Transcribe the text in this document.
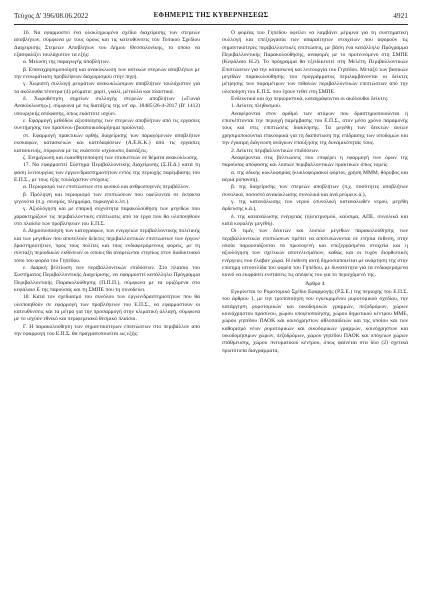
Τεύχος Δ' 396/08.06.2022	ΕΦΗΜΕΡΙΣ ΤΗΣ ΚΥΒΕΡΝΗΣΕΩΣ	4921

16. Να εφαρμοστεί ένα ολοκληρωμένο σχέδιο διαχείρισης των στερεών αποβλήτων, σύμφωνα με τους όρους και τις κατευθύνσεις του Τοπικού Σχεδίου Διαχείρισης Στερεών Αποβλήτων του Δήμου Θεσσαλονίκης, το οποίο να εξασφαλίζει τουλάχιστον τα εξής:

α. Μείωση της παραγωγής αποβλήτων.

β. Επαναχρησιμοποίηση και ανακύκλωση των αστικών στερεών αποβλήτων με την ενσωμάτωση προβλέψεων διαχωρισμού στην πηγή.

γ. Χωριστή συλλογή ρευμάτων ανακυκλώσιμων αποβλήτων τουλάχιστον για τα ακόλουθα τέσσερα (4) ρεύματα: χαρτί, γυαλί, μέταλλα και πλαστικά.

δ. Χωροθέτηση σημείων συλλογής στερεών αποβλήτων («Γωνιά Ανακύκλωσης»), σύμφωνα με τις διατάξεις της υπ' αρ. 18485/26-4-2017 (Β' 1412) υπουργικής απόφασης, όπως εκάστοτε ισχύει.

ε. Εφαρμογή μεθόδων αξιοποίησης των στερεών αποβλήτων από τις εργασίες συντήρησης του πρασίνου (βιοαποικοδομήσιμα προϊόντα).

στ. Εφαρμογή πρακτικών ορθής διαχείρισης των παραγόμενων αποβλήτων εκσκαφών, κατασκευών και κατεδαφίσεων (Α.Ε.Κ.Κ.) από τις εργασίες κατασκευής, σύμφωνα με τις εκάστοτε ισχύουσες διατάξεις.

ζ. Ενημέρωση και ευαισθητοποίηση των επισκεπτών σε θέματα ανακύκλωσης.

17. Να εφαρμοστεί Σύστημα Περιβαλλοντικής Διαχείρισης (Σ.Π.Δ.) κατά τη φάση λειτουργίας των έργων/δραστηριοτήτων εντός της περιοχής παρέμβασης του Ε.Π.Σ., με τους εξής τουλάχιστον στόχους:

α. Περιορισμό των επιπτώσεων στο φυσικό και ανθρωπογενές περιβάλλον.

β. Πρόληψη και περιορισμό των επιπτώσεων που οφείλονται σε έκτακτα γεγονότα (π.χ. σεισμός, πλημμύρα, πυρκαγιά κ.λπ.).

γ. Αξιολόγηση και με επαρκή συχνότητα παρακολούθηση των μεγεθών που χαρακτηρίζουν τις περιβαλλοντικές επιπτώσεις από τα έργα που θα υλοποιηθούν στο πλαίσιο των προβλέψεων του Ε.Π.Σ.

δ. Δημοσιοποίηση των κατογραφών, των ενεργειών περιβαλλοντικής πολιτικής και των μεγεθών που αποτελούν δείκτες περιβαλλοντικών επιπτώσεων των έργων/δραστηριοτήτων, προς τους πολίτες και τους ενδιαφερόμενους φορείς, με τη σύνταξη περιοδικών εκθέσεων οι οποίες θα αναρτώνται ετησίως στον διαδικτυακό τόπο του φορέα του Γηπέδου.

ε. Διαρκή βελτίωση των περιβαλλοντικών επιδόσεων. Στο πλαίσιο του Συστήματος Περιβαλλοντικής Διαχείρισης, να εφαρμοστεί κατάλληλο Πρόγραμμα Περιβαλλοντικής Παρακολούθησης (Π.Π.Π.), σύμφωνα με τα οριζόμενα στο κεφάλαιο Ε της παρούσας και τη ΣΜΠΕ που τη συνοδεύει.

18. Κατά τον σχεδιασμό του συνόλου των έργων/δραστηριοτήτων που θα υλοποιηθούν σε εφαρμογή των προβλέψεων του Ε.Π.Σ., να εφαρμοστούν οι κατευθύνσεις και τα μέτρα για την προσαρμογή στην κλιματική αλλαγή, σύμφωνα με το ισχύον εθνικό και περιφερειακό θεσμικό πλαίσιο.

Γ. Η παρακολούθηση των σημαντικότερων επιπτώσεων στο περιβάλλον από την εφαρμογή του Ε.Π.Σ. θα πραγματοποιείται ως εξής:

Ο φορέας του Γηπέδου οφείλει να λαμβάνει μέριμνα για τη συστηματική συλλογή και επεξεργασία των απαραίτητων στοιχείων που αφορούν τις σημαντικότερες περιβαλλοντικές επιπτώσεις, με βάση ένα κατάλληλο Πρόγραμμα Περιβαλλοντικής Παρακολούθησης, αναφορές με το προτεινόμενο στη ΣΜΠΕ (Κεφάλαιο Η.2). Το πρόγραμμα θα εξειδικευτεί στη Μελέτη Περιβαλλοντικών Επιπτώσεων για την κατασκευή και λειτουργία του Γηπέδου. Μεταξύ των βασικών μεγεθών παρακολούθησης του προγράμματος περιλαμβάνονται οι δείκτες μέτρησης των παραμέτρων των πιθανών περιβαλλοντικών επιπτώσεων από την υλοποίηση του Ε.Π.Σ. που έχουν τεθεί στη ΣΜΠΕ.

Ενδεικτικά και όχι περιοριστικά, καταγράφονται οι ακόλουθοι δείκτες:

1. Δείκτες πληθυσμού.

Αναφέρονται στον αριθμό των ατόμων που δραστηριοποιούνται ή επισκέπτονται την περιοχή παρέμβασης του Ε.Π.Σ., στον μέσο χρόνο παραμονής τους και στις επιπτώσεις διακίνησης. Τα μεγέθη των δεικτών αυτών χρησιμοποιούνται επικουρικά για τη διαπίστωση της επίδρασης των υποδομών και την έγκαιρη διάγνωση ανάγκων επαύξησης της δυναμικότητάς τους.

2. Δείκτες περιβαλλοντικών επιδόσεων.

Αναφέρονται στις βελτιώσεις που επιφέρει η εφαρμογή των όρων της παρούσας απόφασης και λοιπών περιβαλλοντικών πρακτικών όπως τομείς:

α. της οδικής κυκλοφορίας (κυκλοφοριακοί φόρτοι, χρήση ΜΜΜ, θόρυβος και αέρια ρύπανση),

β. της διαχείρισης των στερεών αποβλήτων (π.χ. ποσότητες αποβλήτων συνολικά, ποσοστό ανακύκλωσης συνολικά και ανά ρεύμα κ.ά.),

γ. της κατανάλωσης του νερού (συνολική καταναλωθέν νερού, μεγέθη άρδευσης κ.ά.),

δ. της κατανάλωσης ενέργειας (ηλεκτρισμού, καύσιμα, ΑΠΕ, συνολικά και κατά κεφαλήν μεγέθη).

Οι τιμές των δεικτών και λοιπών μεγεθών παρακολούθησης των περιβαλλοντικών επιπτώσεων πρέπει να αποτυπώνονται σε ετήσια έκθεση, στην οποία παρουσιάζονται τα πρωτογενή και επεξεργασμένα στοιχεία και η αξιολόγηση των σχετικών αποτελεσμάτων, καθώς και οι τυχόν διορθωτικές ενέργειες που έλαβαν χώρα. Η έκθεση αυτή δημοσιοποιείται με ανάρτηση της στην επίσημη ιστοσελίδα του φορέα του Γηπέδου, με δυνατότητα για τα ενδιαφερόμενα κοινό να εκφράσει ενστάσεις τις απόψεις του για το περιεχόμενό της.

Άρθρο 4

Εγκρίνεται το Ρυμοτομικό Σχέδιο Εφαρμογής (Ρ.Σ.Ε.) της περιοχής του Ε.Π.Σ. του άρθρου 1, με την τροποποίηση του εγκεκριμένου ρυμοτομικού σχεδίου, την κατάργηση ρυμοτομικών και οικοδομικών γραμμών, πεζοδρόμων, χώρων κοινόχρηστου πρασίνου, χώρου υπογειοποίησης, χώρου δημοτικού κέντρου ΜΜΕ, χώρου γηπέδου ΠΑΟΚ και κοινόχρηστων αθλοπαιδειών και της οποίου και των καθορισμό νέων ρυμοτομικών και οικοδομικών γραμμών, κοινόχρηστων και οικοδομήσιμων χώρων, πεζοδρόμων, χώρου γηπέδου ΠΑΟΚ και υπόγειων χώρων στάθμευσης, χώρου πνευματικού κέντρου, όπως φαίνεται στα δύο (2) σχετικά πρωτότυπα διαγράμματα,
